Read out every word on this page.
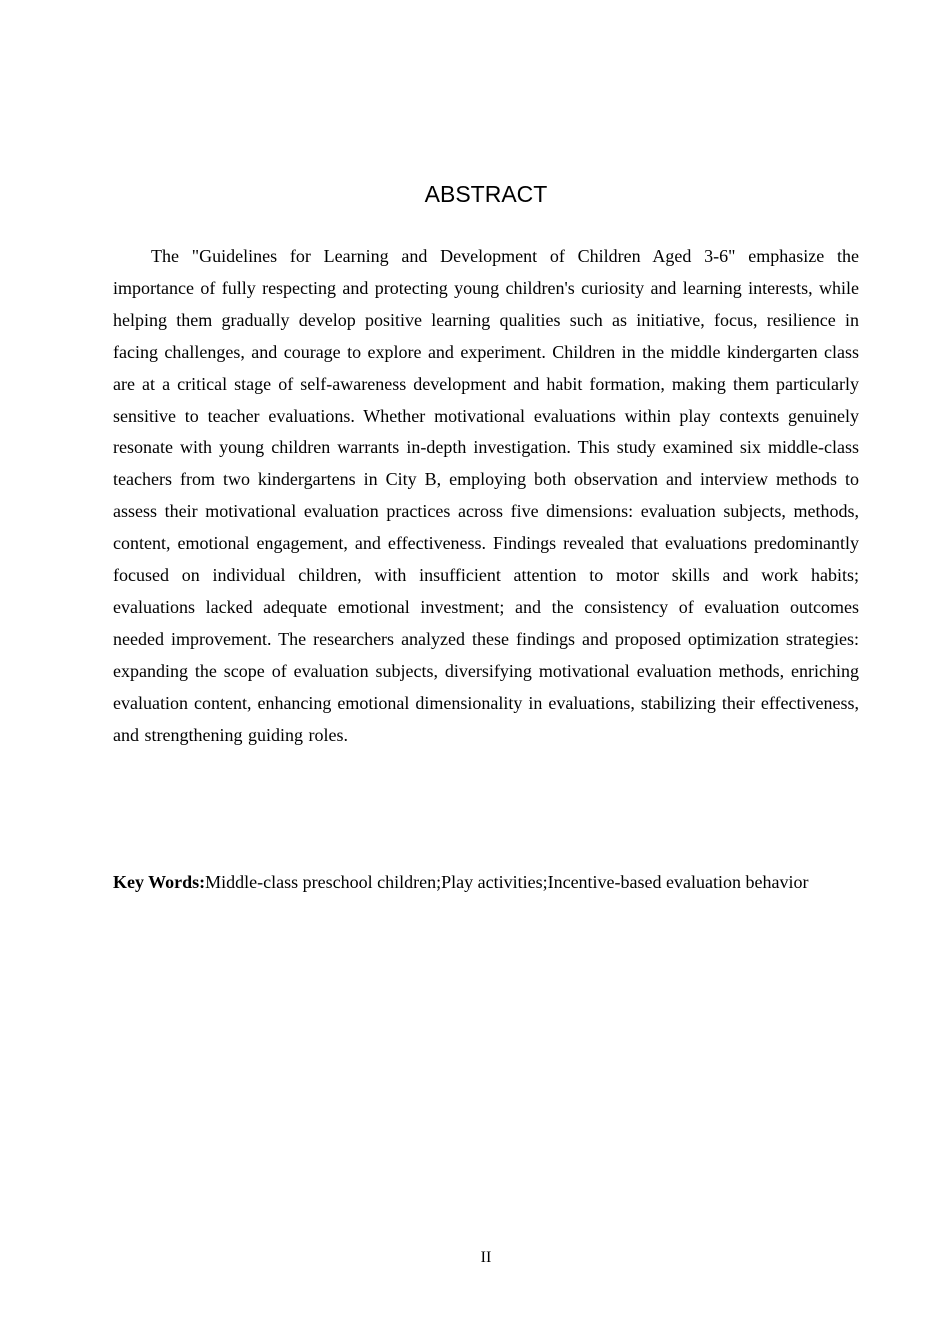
ABSTRACT

The "Guidelines for Learning and Development of Children Aged 3-6" emphasize the importance of fully respecting and protecting young children's curiosity and learning interests, while helping them gradually develop positive learning qualities such as initiative, focus, resilience in facing challenges, and courage to explore and experiment. Children in the middle kindergarten class are at a critical stage of self-awareness development and habit formation, making them particularly sensitive to teacher evaluations. Whether motivational evaluations within play contexts genuinely resonate with young children warrants in-depth investigation. This study examined six middle-class teachers from two kindergartens in City B, employing both observation and interview methods to assess their motivational evaluation practices across five dimensions: evaluation subjects, methods, content, emotional engagement, and effectiveness. Findings revealed that evaluations predominantly focused on individual children, with insufficient attention to motor skills and work habits; evaluations lacked adequate emotional investment; and the consistency of evaluation outcomes needed improvement. The researchers analyzed these findings and proposed optimization strategies: expanding the scope of evaluation subjects, diversifying motivational evaluation methods, enriching evaluation content, enhancing emotional dimensionality in evaluations, stabilizing their effectiveness, and strengthening guiding roles.

Key Words:Middle-class preschool children;Play activities;Incentive-based evaluation behavior

II
